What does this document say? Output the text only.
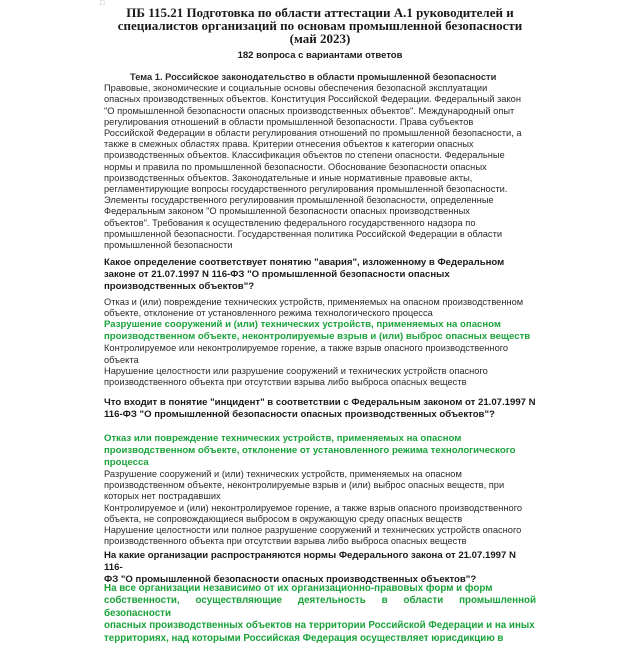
□
ПБ 115.21 Подготовка по области аттестации А.1 руководителей и
специалистов организаций по основам промышленной безопасности
(май 2023)
182 вопроса с вариантами ответов
Тема 1. Российское законодательство в области промышленной безопасности
Правовые, экономические и социальные основы обеспечения безопасной эксплуатации
опасных производственных объектов. Конституция Российской Федерации. Федеральный закон
"О промышленной безопасности опасных производственных объектов". Международный опыт
регулирования отношений в области промышленной безопасности. Права субъектов
Российской Федерации в области регулирования отношений по промышленной безопасности, а
также в смежных областях права. Критерии отнесения объектов к категории опасных
производственных объектов. Классификация объектов по степени опасности. Федеральные
нормы и правила по промышленной безопасности. Обоснование безопасности опасных
производственных объектов. Законодательные и иные нормативные правовые акты,
регламентирующие вопросы государственного регулирования промышленной безопасности.
Элементы государственного регулирования промышленной безопасности, определенные
Федеральным законом "О промышленной безопасности опасных производственных
объектов". Требования к осуществлению федерального государственного надзора по
промышленной безопасности. Государственная политика Российской Федерации в области
промышленной безопасности
Какое определение соответствует понятию "авария", изложенному в Федеральном
законе от 21.07.1997 N 116-ФЗ "О промышленной безопасности опасных
производственных объектов"?
Отказ и (или) повреждение технических устройств, применяемых на опасном производственном
объекте, отклонение от установленного режима технологического процесса
Разрушение сооружений и (или) технических устройств, применяемых на опасном
производственном объекте, неконтролируемые взрыв и (или) выброс опасных веществ
Контролируемое или неконтролируемое горение, а также взрыв опасного производственного
объекта
Нарушение целостности или разрушение сооружений и технических устройств опасного
производственного объекта при отсутствии взрыва либо выброса опасных веществ
Что входит в понятие "инцидент" в соответствии с Федеральным законом от 21.07.1997 N
116-ФЗ "О промышленной безопасности опасных производственных объектов"?
Отказ или повреждение технических устройств, применяемых на опасном
производственном объекте, отклонение от установленного режима технологического
процесса
Разрушение сооружений и (или) технических устройств, применяемых на опасном
производственном объекте, неконтролируемые взрыв и (или) выброс опасных веществ, при
которых нет пострадавших
Контролируемое и (или) неконтролируемое горение, а также взрыв опасного производственного
объекта, не сопровождающиеся выбросом в окружающую среду опасных веществ
Нарушение целостности или полное разрушение сооружений и технических устройств опасного
производственного объекта при отсутствии взрыва либо выброса опасных веществ
На какие организации распространяются нормы Федерального закона от 21.07.1997 N 116-
ФЗ "О промышленной безопасности опасных производственных объектов"?
На все организации независимо от их организационно-правовых форм и форм
собственности, осуществляющие деятельность в области промышленной безопасности
опасных производственных объектов на территории Российской Федерации и на иных
территориях, над которыми Российская Федерация осуществляет юрисдикцию в
